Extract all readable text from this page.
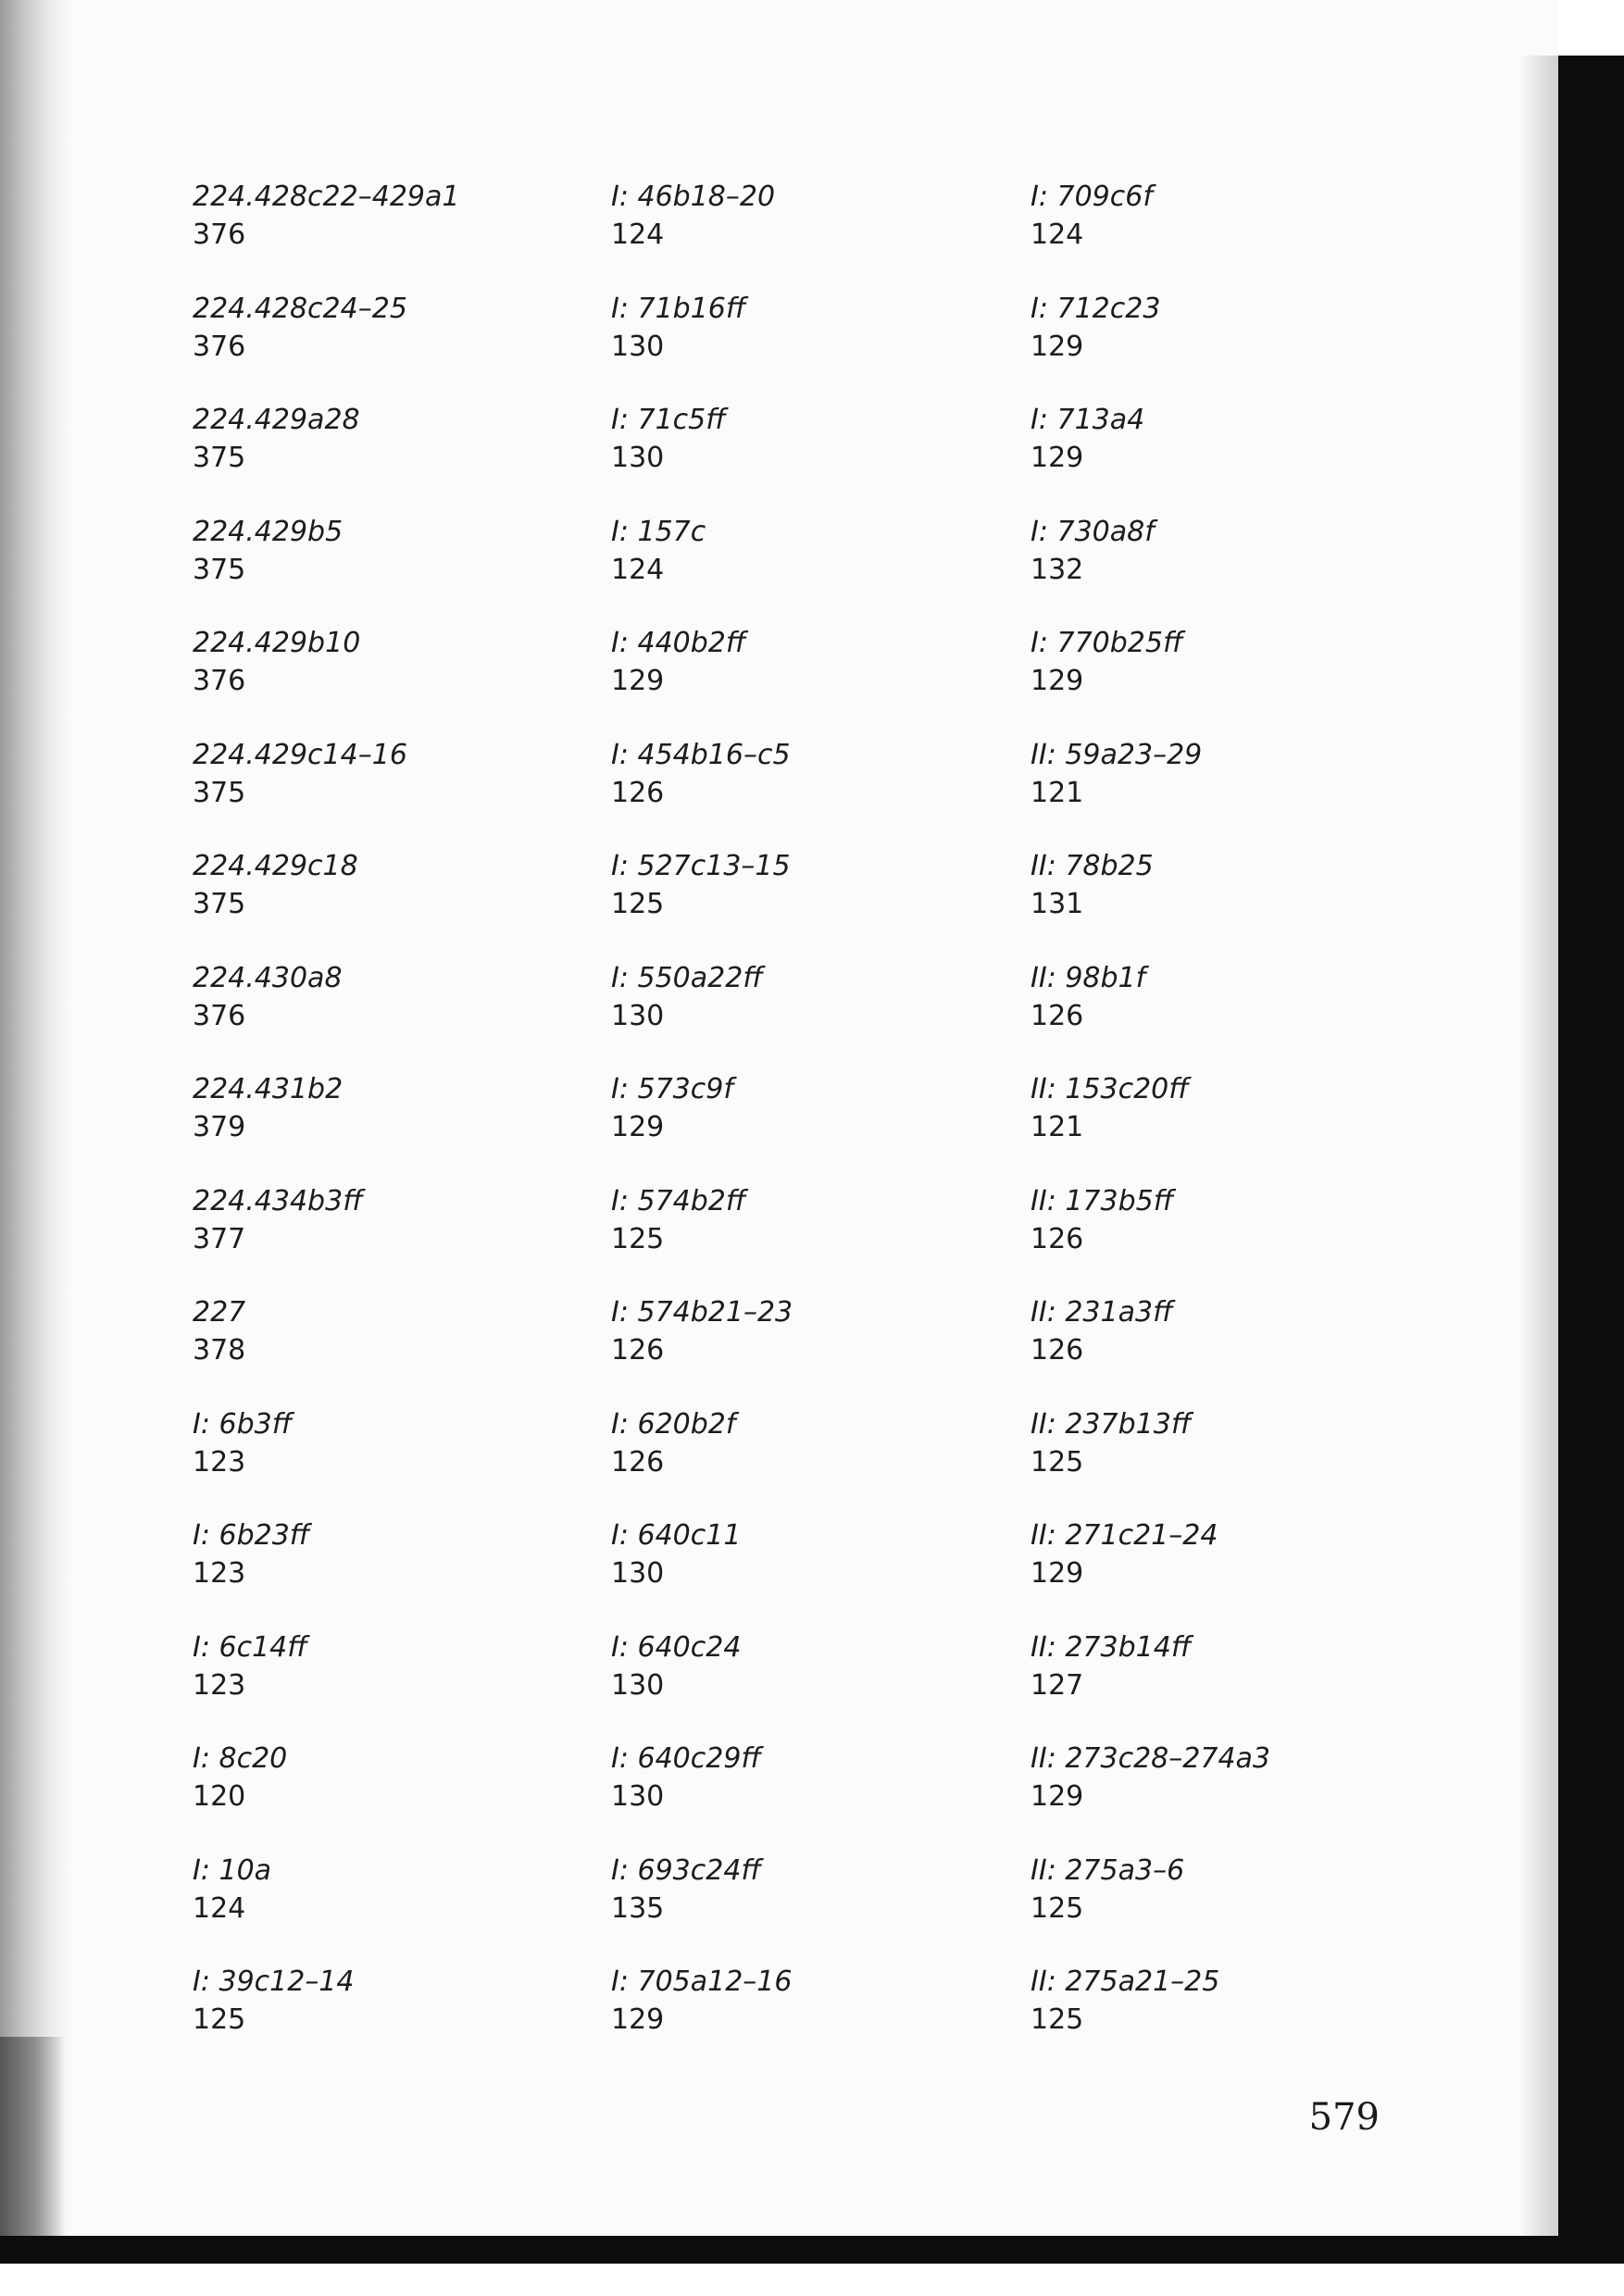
224.428c22–429a1
376
224.428c24–25
376
224.429a28
375
224.429b5
375
224.429b10
376
224.429c14–16
375
224.429c18
375
224.430a8
376
224.431b2
379
224.434b3ff
377
227
378
I: 6b3ff
123
I: 6b23ff
123
I: 6c14ff
123
I: 8c20
120
I: 10a
124
I: 39c12–14
125
I: 46b18–20
124
I: 71b16ff
130
I: 71c5ff
130
I: 157c
124
I: 440b2ff
129
I: 454b16–c5
126
I: 527c13–15
125
I: 550a22ff
130
I: 573c9f
129
I: 574b2ff
125
I: 574b21–23
126
I: 620b2f
126
I: 640c11
130
I: 640c24
130
I: 640c29ff
130
I: 693c24ff
135
I: 705a12–16
129
I: 709c6f
124
I: 712c23
129
I: 713a4
129
I: 730a8f
132
I: 770b25ff
129
II: 59a23–29
121
II: 78b25
131
II: 98b1f
126
II: 153c20ff
121
II: 173b5ff
126
II: 231a3ff
126
II: 237b13ff
125
II: 271c21–24
129
II: 273b14ff
127
II: 273c28–274a3
129
II: 275a3–6
125
II: 275a21–25
125
579
